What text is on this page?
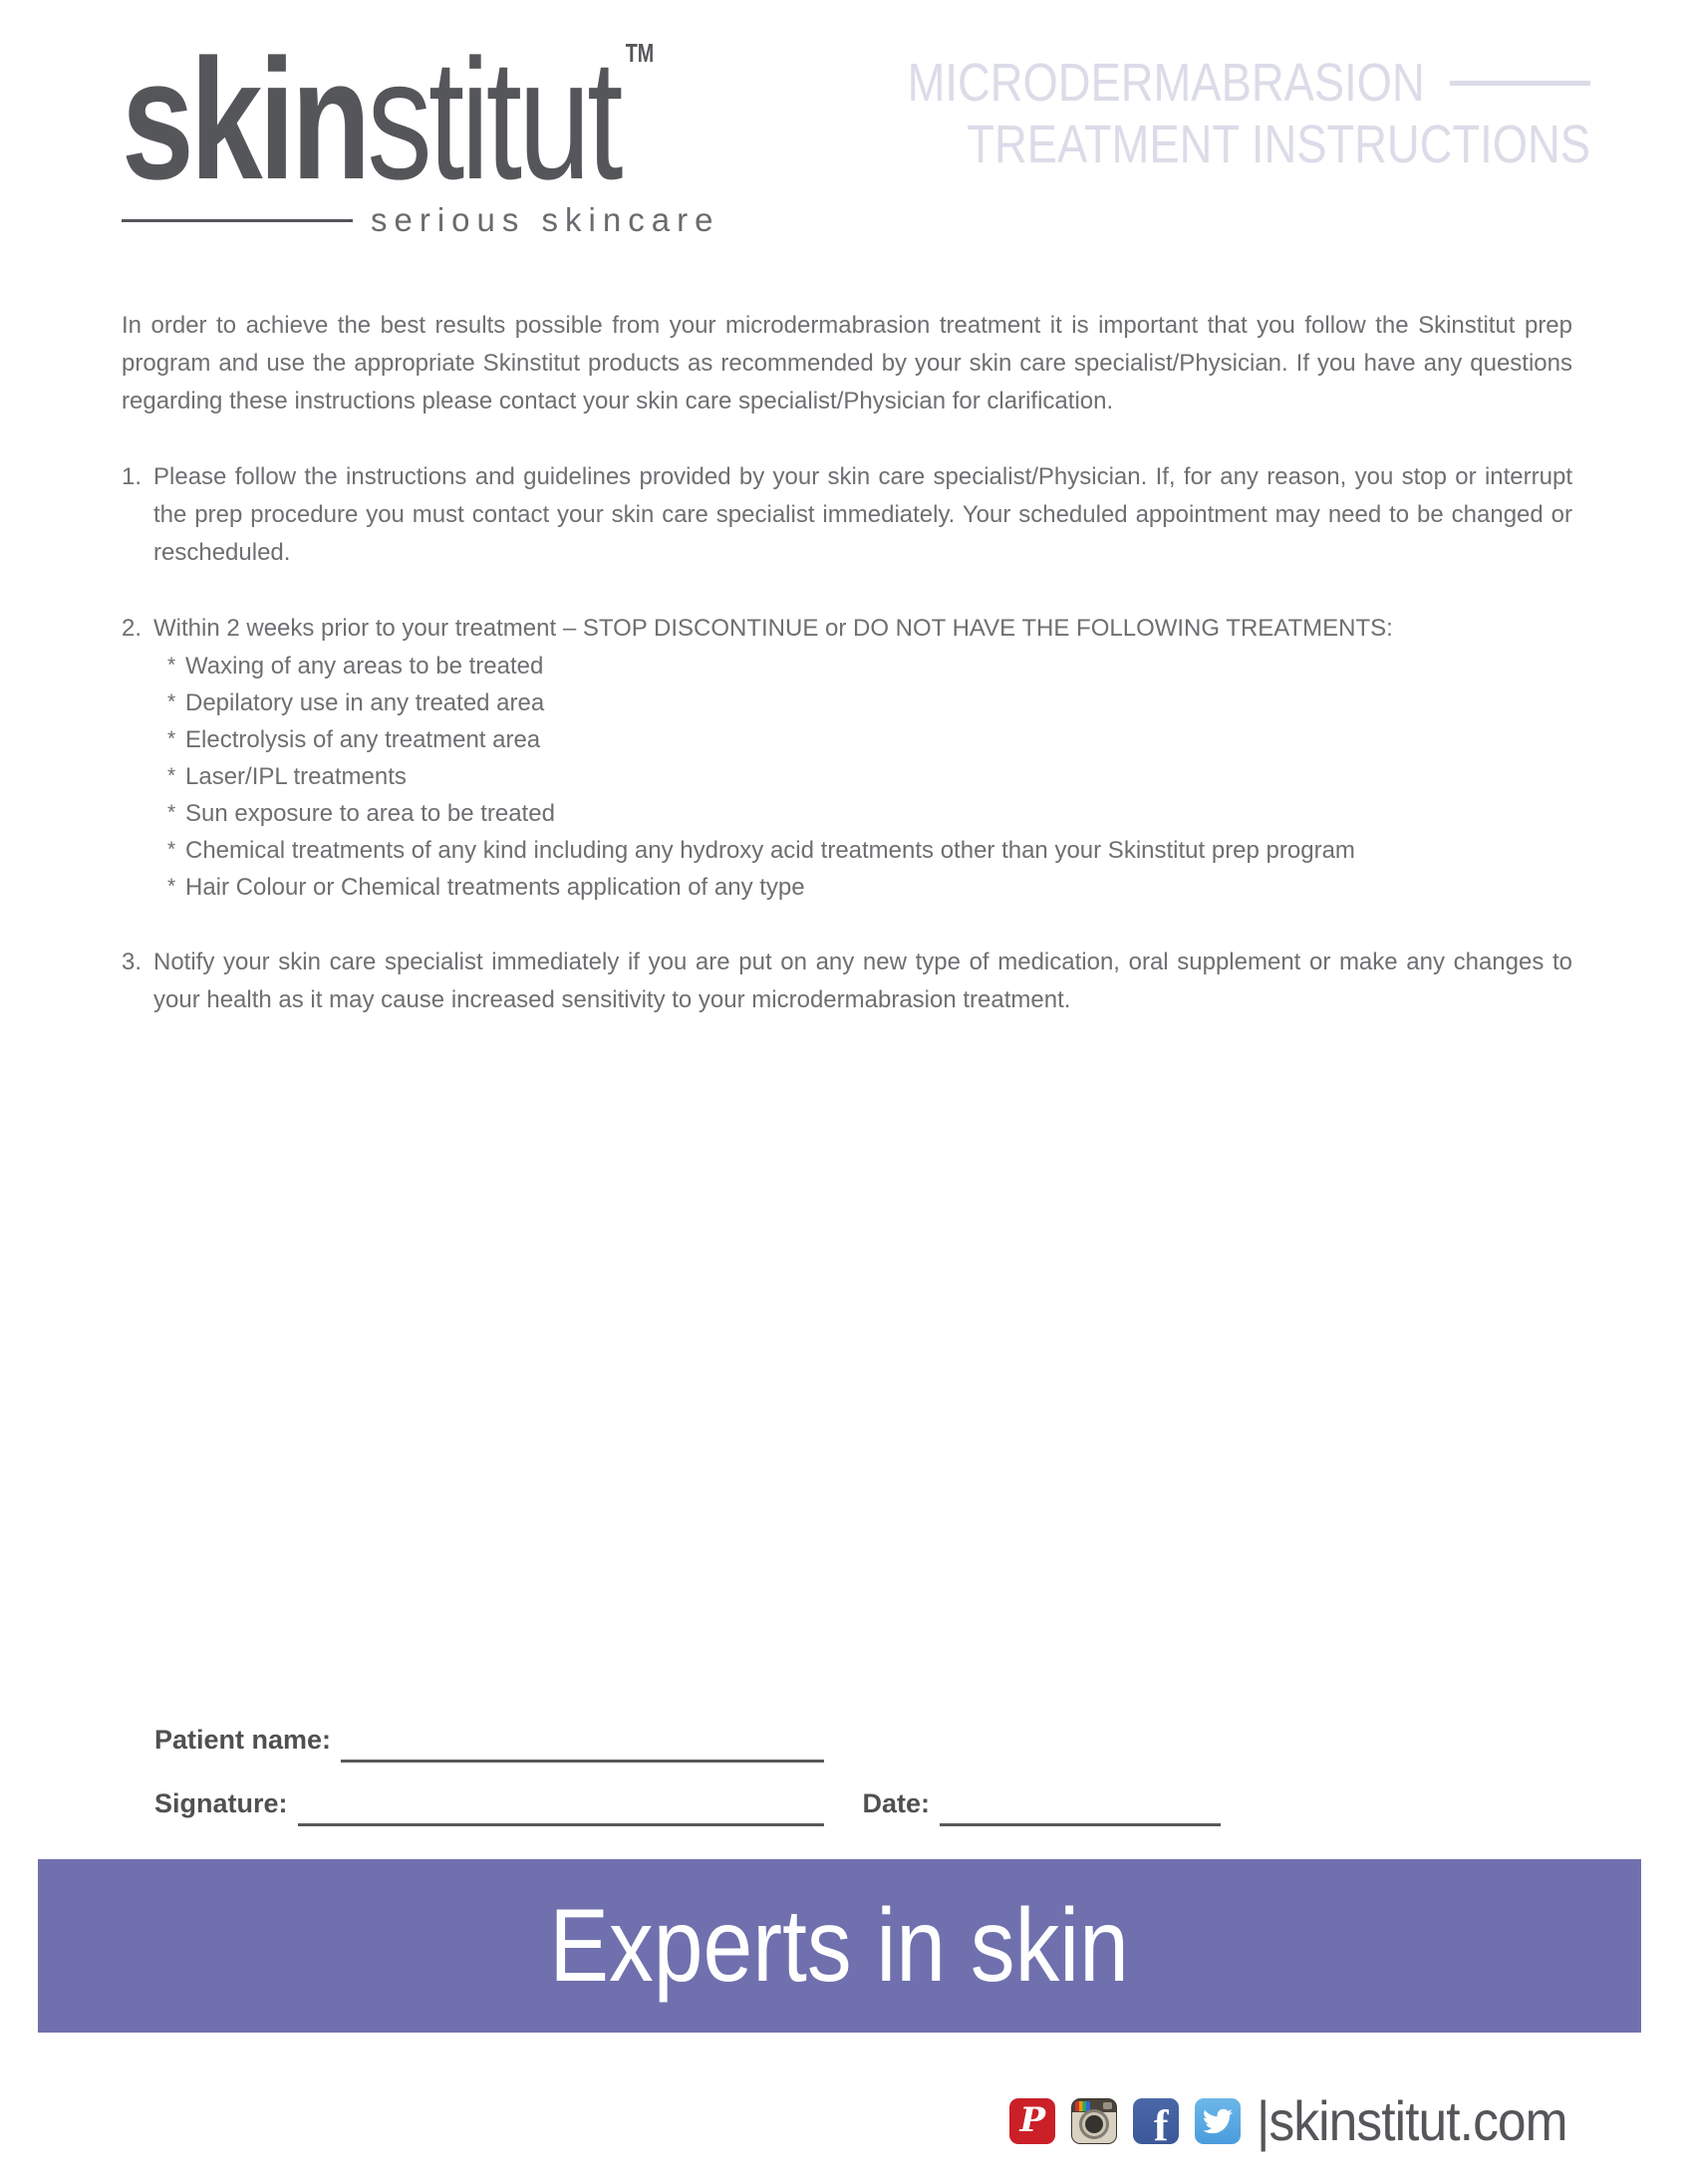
skinstitut ™
serious skincare
MICRODERMABRASION
TREATMENT INSTRUCTIONS

In order to achieve the best results possible from your microdermabrasion treatment it is important that you follow the Skinstitut prep program and use the appropriate Skinstitut products as recommended by your skin care specialist/Physician. If you have any questions regarding these instructions please contact your skin care specialist/Physician for clarification.

1. Please follow the instructions and guidelines provided by your skin care specialist/Physician. If, for any reason, you stop or interrupt the prep procedure you must contact your skin care specialist immediately. Your scheduled appointment may need to be changed or rescheduled.
2. Within 2 weeks prior to your treatment – STOP DISCONTINUE or DO NOT HAVE THE FOLLOWING TREATMENTS:
* Waxing of any areas to be treated
* Depilatory use in any treated area
* Electrolysis of any treatment area
* Laser/IPL treatments
* Sun exposure to area to be treated
* Chemical treatments of any kind including any hydroxy acid treatments other than your Skinstitut prep program
* Hair Colour or Chemical treatments application of any type
3. Notify your skin care specialist immediately if you are put on any new type of medication, oral supplement or make any changes to your health as it may cause increased sensitivity to your microdermabrasion treatment.
Patient name:
Signature:	Date:
Experts in skin
P f |skinstitut.com
